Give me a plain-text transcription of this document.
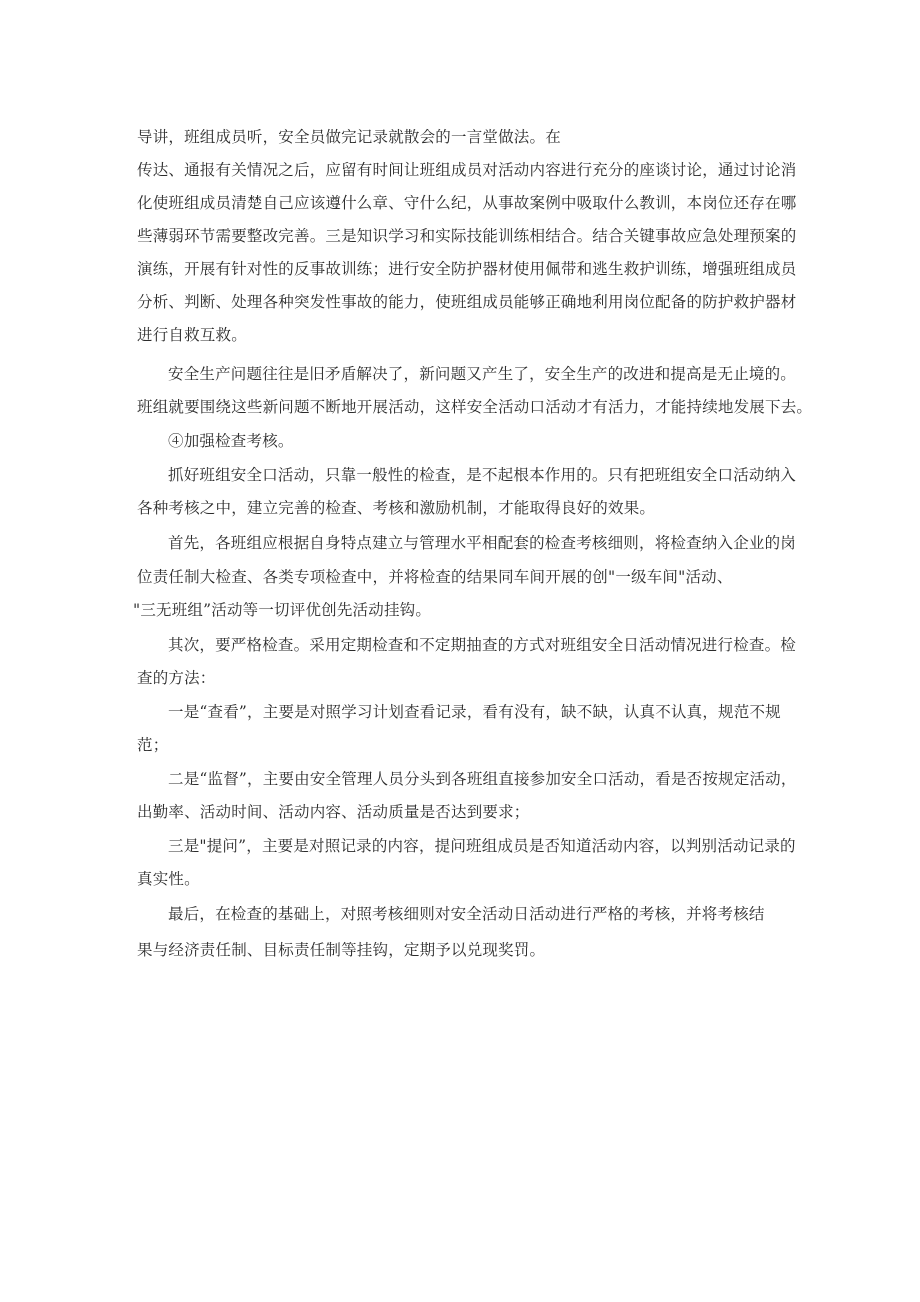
导讲，班组成员听，安全员做完记录就散会的一言堂做法。在
传达、通报有关情况之后，应留有时间让班组成员对活动内容进行充分的座谈讨论，通过讨论消
化使班组成员清楚自己应该遵什么章、守什么纪，从事故案例中吸取什么教训，本岗位还存在哪
些薄弱环节需要整改完善。三是知识学习和实际技能训练相结合。结合关键事故应急处理预案的
演练，开展有针对性的反事故训练；进行安全防护器材使用佩带和逃生救护训练，增强班组成员
分析、判断、处理各种突发性事故的能力，使班组成员能够正确地利用岗位配备的防护救护器材
进行自救互救。
安全生产问题往往是旧矛盾解决了，新问题又产生了，安全生产的改进和提高是无止境的。
班组就要围绕这些新问题不断地开展活动，这样安全活动口活动才有活力，才能持续地发展下去。
④加强检查考核。
抓好班组安全口活动，只靠一般性的检查，是不起根本作用的。只有把班组安全口活动纳入
各种考核之中，建立完善的检查、考核和激励机制，才能取得良好的效果。
首先，各班组应根据自身特点建立与管理水平相配套的检查考核细则，将检查纳入企业的岗
位责任制大检查、各类专项检查中，并将检查的结果同车间开展的创"一级车间"活动、
"三无班组”活动等一切评优创先活动挂钩。
其次，要严格检查。采用定期检查和不定期抽查的方式对班组安全日活动情况进行检查。检
查的方法：
一是“查看”，主要是对照学习计划查看记录，看有没有，缺不缺，认真不认真，规范不规
范；
二是“监督”，主要由安全管理人员分头到各班组直接参加安全口活动，看是否按规定活动，
出勤率、活动时间、活动内容、活动质量是否达到要求；
三是"提问”，主要是对照记录的内容，提问班组成员是否知道活动内容，以判别活动记录的
真实性。
最后，在检查的基础上，对照考核细则对安全活动日活动进行严格的考核，并将考核结
果与经济责任制、目标责任制等挂钩，定期予以兑现奖罚。
